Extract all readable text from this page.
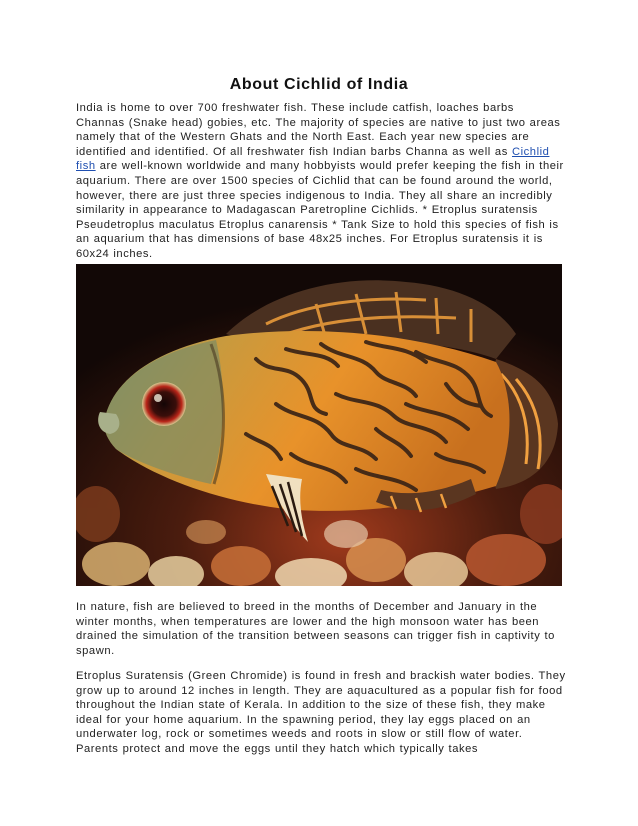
About Cichlid of India

India is home to over 700 freshwater fish. These include catfish, loaches barbs Channas (Snake head) gobies, etc. The majority of species are native to just two areas namely that of the Western Ghats and the North East. Each year new species are identified and identified. Of all freshwater fish Indian barbs Channa as well as Cichlid fish are well-known worldwide and many hobbyists would prefer keeping the fish in their aquarium. There are over 1500 species of Cichlid that can be found around the world, however, there are just three species indigenous to India. They all share an incredibly similarity in appearance to Madagascan Paretropline Cichlids. * Etroplus suratensis Pseudetroplus maculatus Etroplus canarensis * Tank Size to hold this species of fish is an aquarium that has dimensions of base 48x25 inches. For Etroplus suratensis it is 60x24 inches.

In nature, fish are believed to breed in the months of December and January in the winter months, when temperatures are lower and the high monsoon water has been drained the simulation of the transition between seasons can trigger fish in captivity to spawn.

Etroplus Suratensis (Green Chromide) is found in fresh and brackish water bodies. They grow up to around 12 inches in length. They are aquacultured as a popular fish for food throughout the Indian state of Kerala. In addition to the size of these fish, they make ideal for your home aquarium. In the spawning period, they lay eggs placed on an underwater log, rock or sometimes weeds and roots in slow or still flow of water. Parents protect and move the eggs until they hatch which typically takes
